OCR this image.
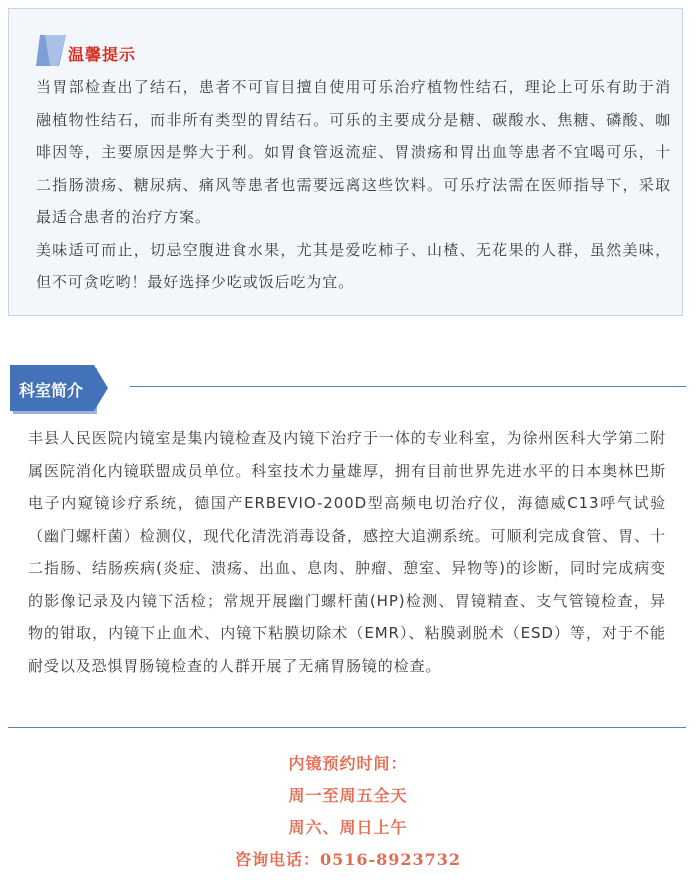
温馨提示

当胃部检查出了结石，患者不可盲目擅自使用可乐治疗植物性结石，理论上可乐有助于消融植物性结石，而非所有类型的胃结石。可乐的主要成分是糖、碳酸水、焦糖、磷酸、咖啡因等，主要原因是弊大于利。如胃食管返流症、胃溃疡和胃出血等患者不宜喝可乐，十二指肠溃疡、糖尿病、痛风等患者也需要远离这些饮料。可乐疗法需在医师指导下，采取最适合患者的治疗方案。

美味适可而止，切忌空腹进食水果，尤其是爱吃柿子、山楂、无花果的人群，虽然美味，但不可贪吃哟！最好选择少吃或饭后吃为宜。

科室简介

丰县人民医院内镜室是集内镜检查及内镜下治疗于一体的专业科室，为徐州医科大学第二附属医院消化内镜联盟成员单位。科室技术力量雄厚，拥有目前世界先进水平的日本奥林巴斯电子内窥镜诊疗系统，德国产ERBEVIO-200D型高频电切治疗仪，海德威C13呼气试验（幽门螺杆菌）检测仪，现代化清洗消毒设备，感控大追溯系统。可顺利完成食管、胃、十二指肠、结肠疾病(炎症、溃疡、出血、息肉、肿瘤、憩室、异物等)的诊断，同时完成病变的影像记录及内镜下活检；常规开展幽门螺杆菌(HP)检测、胃镜精查、支气管镜检查，异物的钳取，内镜下止血术、内镜下粘膜切除术（EMR）、粘膜剥脱术（ESD）等，对于不能耐受以及恐惧胃肠镜检查的人群开展了无痛胃肠镜的检查。

内镜预约时间：
周一至周五全天
周六、周日上午
咨询电话：0516-8923732
